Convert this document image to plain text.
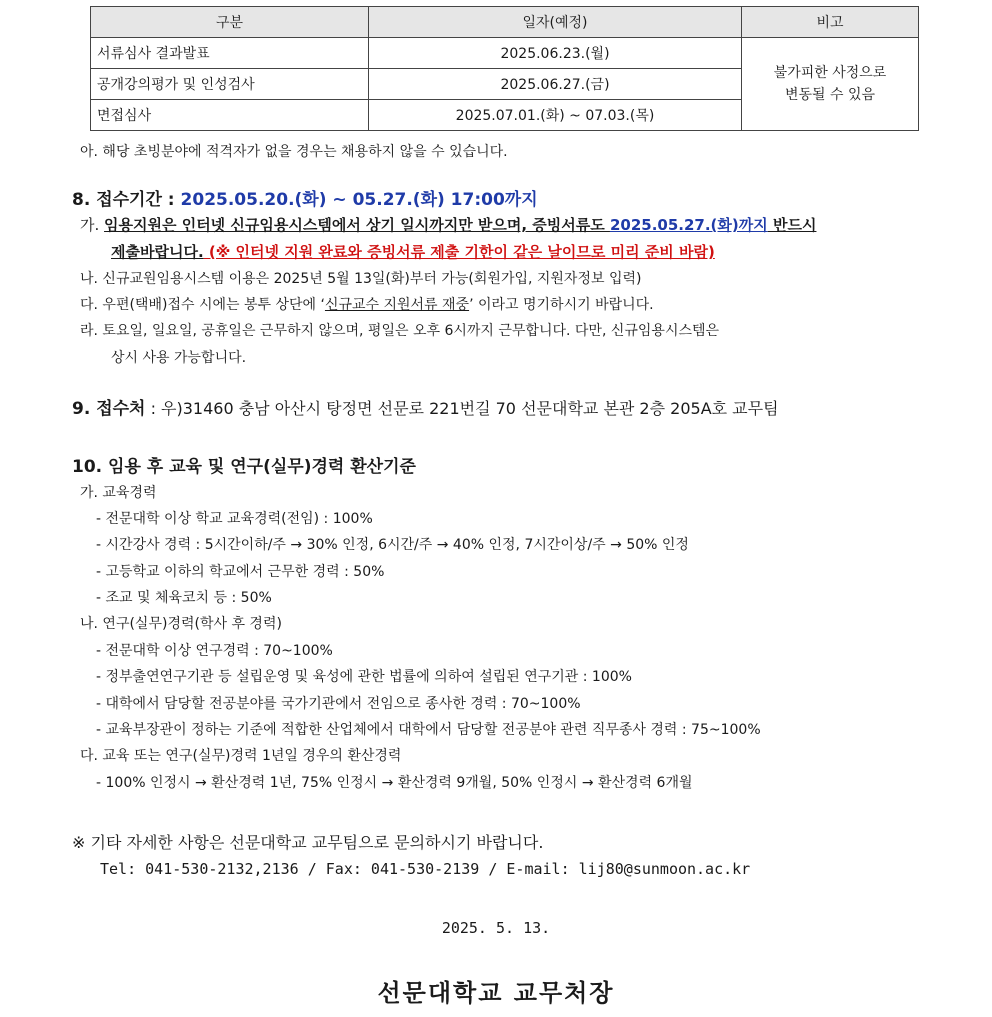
구분	일자(예정)	비고
서류심사 결과발표	2025.06.23.(월)	불가피한 사정으로
변동될 수 있음

공개강의평가 및 인성검사	2025.06.27.(금)	
면접심사	2025.07.01.(화) ~ 07.03.(목)	
아. 해당 초빙분야에 적격자가 없을 경우는 채용하지 않을 수 있습니다.
8. 접수기간 : 2025.05.20.(화) ~ 05.27.(화) 17:00까지
가. 임용지원은 인터넷 신규임용시스템에서 상기 일시까지만 받으며, 증빙서류도 2025.05.27.(화)까지 반드시
제출바랍니다. (※ 인터넷 지원 완료와 증빙서류 제출 기한이 같은 날이므로 미리 준비 바람)
나. 신규교원임용시스템 이용은 2025년 5월 13일(화)부터 가능(회원가입, 지원자정보 입력)
다. 우편(택배)접수 시에는 봉투 상단에 ‘신규교수 지원서류 재중’ 이라고 명기하시기 바랍니다.
라. 토요일, 일요일, 공휴일은 근무하지 않으며, 평일은 오후 6시까지 근무합니다. 다만, 신규임용시스템은
상시 사용 가능합니다.
9. 접수처 : 우)31460 충남 아산시 탕정면 선문로 221번길 70 선문대학교 본관 2층 205A호 교무팀
10. 임용 후 교육 및 연구(실무)경력 환산기준
가. 교육경력
- 전문대학 이상 학교 교육경력(전임) : 100%
- 시간강사 경력 : 5시간이하/주 → 30% 인정, 6시간/주 → 40% 인정, 7시간이상/주 → 50% 인정
- 고등학교 이하의 학교에서 근무한 경력 : 50%
- 조교 및 체육코치 등 : 50%
나. 연구(실무)경력(학사 후 경력)
- 전문대학 이상 연구경력 : 70~100%
- 정부출연연구기관 등 설립운영 및 육성에 관한 법률에 의하여 설립된 연구기관 : 100%
- 대학에서 담당할 전공분야를 국가기관에서 전임으로 종사한 경력 : 70~100%
- 교육부장관이 정하는 기준에 적합한 산업체에서 대학에서 담당할 전공분야 관련 직무종사 경력 : 75~100%
다. 교육 또는 연구(실무)경력 1년일 경우의 환산경력
- 100% 인정시 → 환산경력 1년, 75% 인정시 → 환산경력 9개월, 50% 인정시 → 환산경력 6개월
※ 기타 자세한 사항은 선문대학교 교무팀으로 문의하시기 바랍니다.
Tel: 041-530-2132,2136 / Fax: 041-530-2139 / E-mail: lij80@sunmoon.ac.kr
2025. 5. 13.
선문대학교 교무처장
